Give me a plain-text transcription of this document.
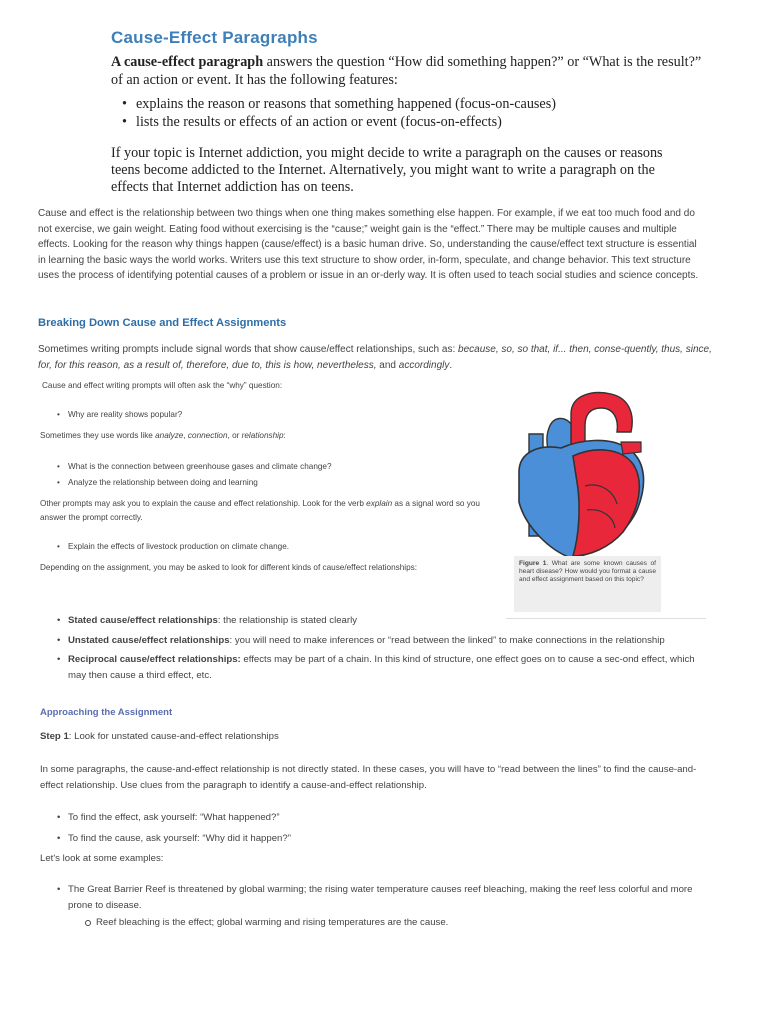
Cause-Effect Paragraphs
A cause-effect paragraph answers the question “How did something happen?” or “What is the result?” of an action or event. It has the following features:
• explains the reason or reasons that something happened (focus-on-causes)
• lists the results or effects of an action or event (focus-on-effects)
If your topic is Internet addiction, you might decide to write a paragraph on the causes or reasons teens become addicted to the Internet. Alternatively, you might want to write a paragraph on the effects that Internet addiction has on teens.
Cause and effect is the relationship between two things when one thing makes something else happen. For example, if we eat too much food and do not exercise, we gain weight. Eating food without exercising is the “cause;” weight gain is the “effect.” There may be multiple causes and multiple effects. Looking for the reason why things happen (cause/effect) is a basic human drive. So, understanding the cause/effect text structure is essential in learning the basic ways the world works. Writers use this text structure to show order, in-form, speculate, and change behavior. This text structure uses the process of identifying potential causes of a problem or issue in an or-derly way. It is often used to teach social studies and science concepts.
Breaking Down Cause and Effect Assignments
Sometimes writing prompts include signal words that show cause/effect relationships, such as: because, so, so that, if... then, conse-quently, thus, since, for, for this reason, as a result of, therefore, due to, this is how, nevertheless, and accordingly.
Cause and effect writing prompts will often ask the “why” question:
• Why are reality shows popular?
Sometimes they use words like analyze, connection, or relationship:
• What is the connection between greenhouse gases and climate change?
• Analyze the relationship between doing and learning
Other prompts may ask you to explain the cause and effect relationship. Look for the verb explain as a signal word so you answer the prompt correctly.
• Explain the effects of livestock production on climate change.
Depending on the assignment, you may be asked to look for different kinds of cause/effect relationships:	Figure 1. What are some known causes of heart disease? How would you format a cause and effect assignment based on this topic?
• Stated cause/effect relationships: the relationship is stated clearly
• Unstated cause/effect relationships: you will need to make inferences or “read between the linked” to make connections in the relationship
• Reciprocal cause/effect relationships: effects may be part of a chain. In this kind of structure, one effect goes on to cause a sec-ond effect, which may then cause a third effect, etc.
Approaching the Assignment
Step 1: Look for unstated cause-and-effect relationships
In some paragraphs, the cause-and-effect relationship is not directly stated. In these cases, you will have to “read between the lines” to find the cause-and-effect relationship. Use clues from the paragraph to identify a cause-and-effect relationship.
• To find the effect, ask yourself: “What happened?”
• To find the cause, ask yourself: “Why did it happen?”
Let's look at some examples:
• The Great Barrier Reef is threatened by global warming; the rising water temperature causes reef bleaching, making the reef less colorful and more prone to disease.
Reef bleaching is the effect; global warming and rising temperatures are the cause.
